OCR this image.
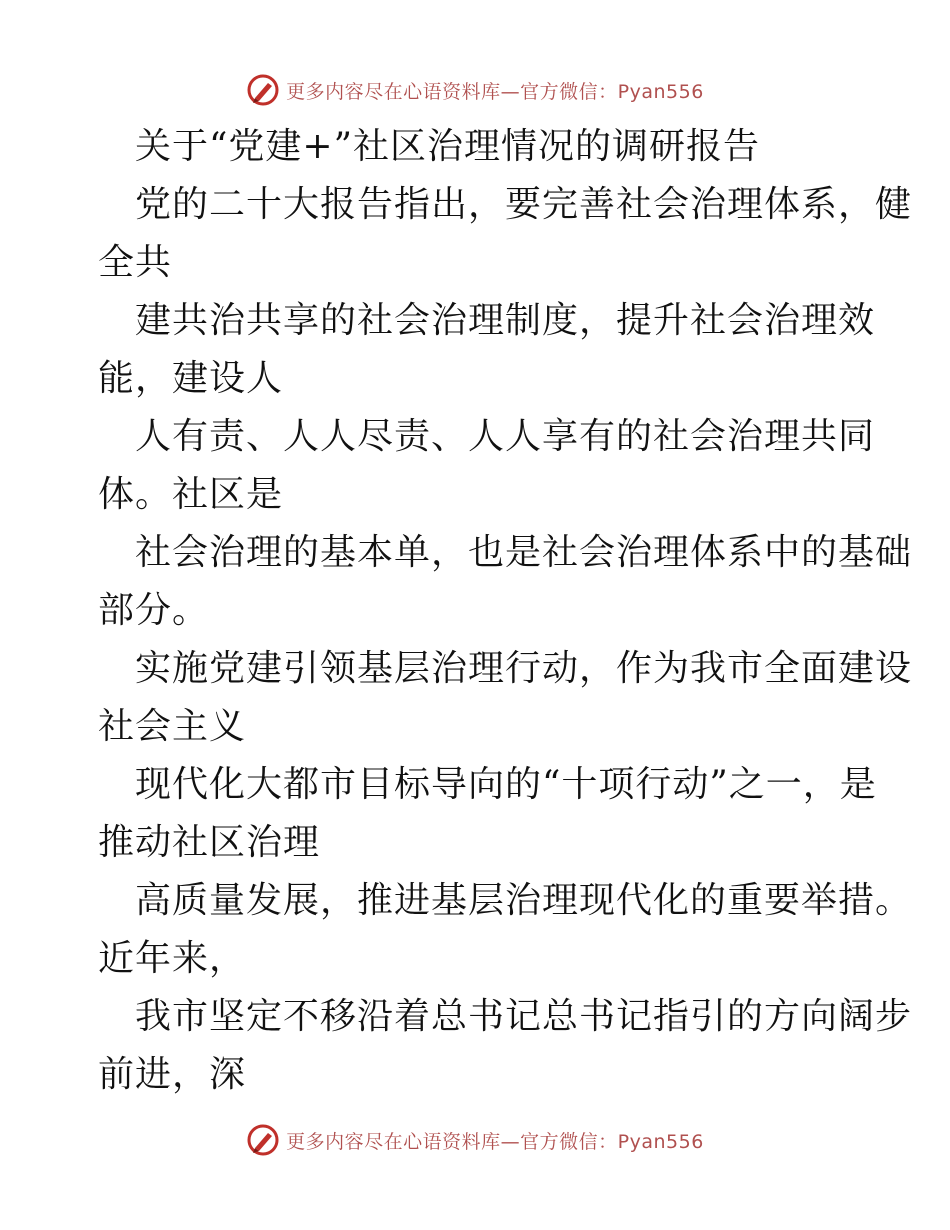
更多内容尽在心语资料库—官方微信：Pyan556
关于“党建+”社区治理情况的调研报告
党的二十大报告指出，要完善社会治理体系，健
全共
建共治共享的社会治理制度，提升社会治理效
能，建设人
人有责、人人尽责、人人享有的社会治理共同
体。社区是
社会治理的基本单，也是社会治理体系中的基础
部分。
实施党建引领基层治理行动，作为我市全面建设
社会主义
现代化大都市目标导向的“十项行动”之一，是
推动社区治理
高质量发展，推进基层治理现代化的重要举措。
近年来，
我市坚定不移沿着总书记总书记指引的方向阔步
前进，深
更多内容尽在心语资料库—官方微信：Pyan556
